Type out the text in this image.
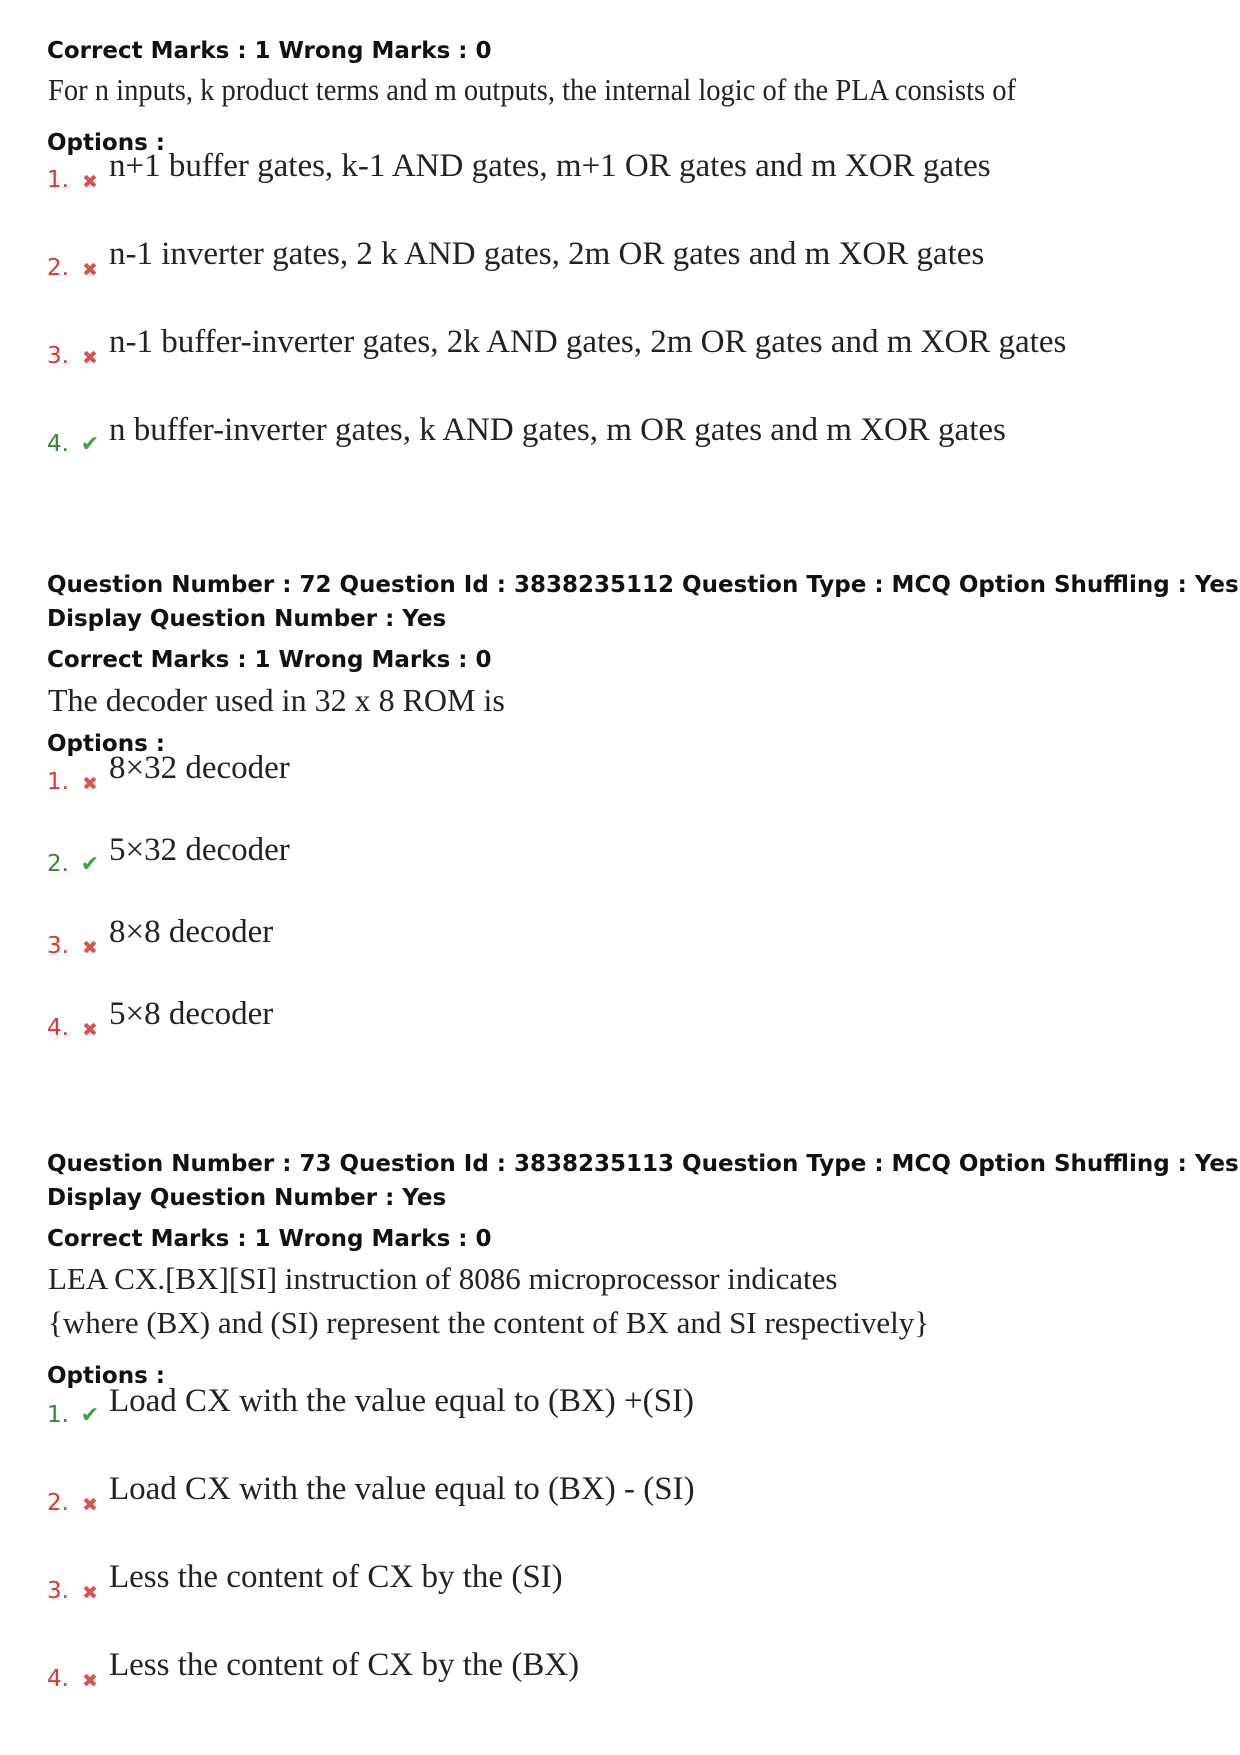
Correct Marks : 1 Wrong Marks : 0
For n inputs, k product terms and m outputs, the internal logic of the PLA consists of
Options :
1. ✖ n+1 buffer gates, k-1 AND gates, m+1 OR gates and m XOR gates
2. ✖ n-1 inverter gates, 2 k AND gates, 2m OR gates and m XOR gates
3. ✖ n-1 buffer-inverter gates, 2k AND gates, 2m OR gates and m XOR gates
4. ✔ n buffer-inverter gates, k AND gates, m OR gates and m XOR gates
Question Number : 72 Question Id : 3838235112 Question Type : MCQ Option Shuffling : Yes
Display Question Number : Yes
Correct Marks : 1 Wrong Marks : 0
The decoder used in 32 x 8 ROM is
Options :
1. ✖ 8×32 decoder
2. ✔ 5×32 decoder
3. ✖ 8×8 decoder
4. ✖ 5×8 decoder
Question Number : 73 Question Id : 3838235113 Question Type : MCQ Option Shuffling : Yes
Display Question Number : Yes
Correct Marks : 1 Wrong Marks : 0
LEA CX.[BX][SI] instruction of 8086 microprocessor indicates
{where (BX) and (SI) represent the content of BX and SI respectively}
Options :
1. ✔ Load CX with the value equal to (BX) +(SI)
2. ✖ Load CX with the value equal to (BX) - (SI)
3. ✖ Less the content of CX by the (SI)
4. ✖ Less the content of CX by the (BX)
